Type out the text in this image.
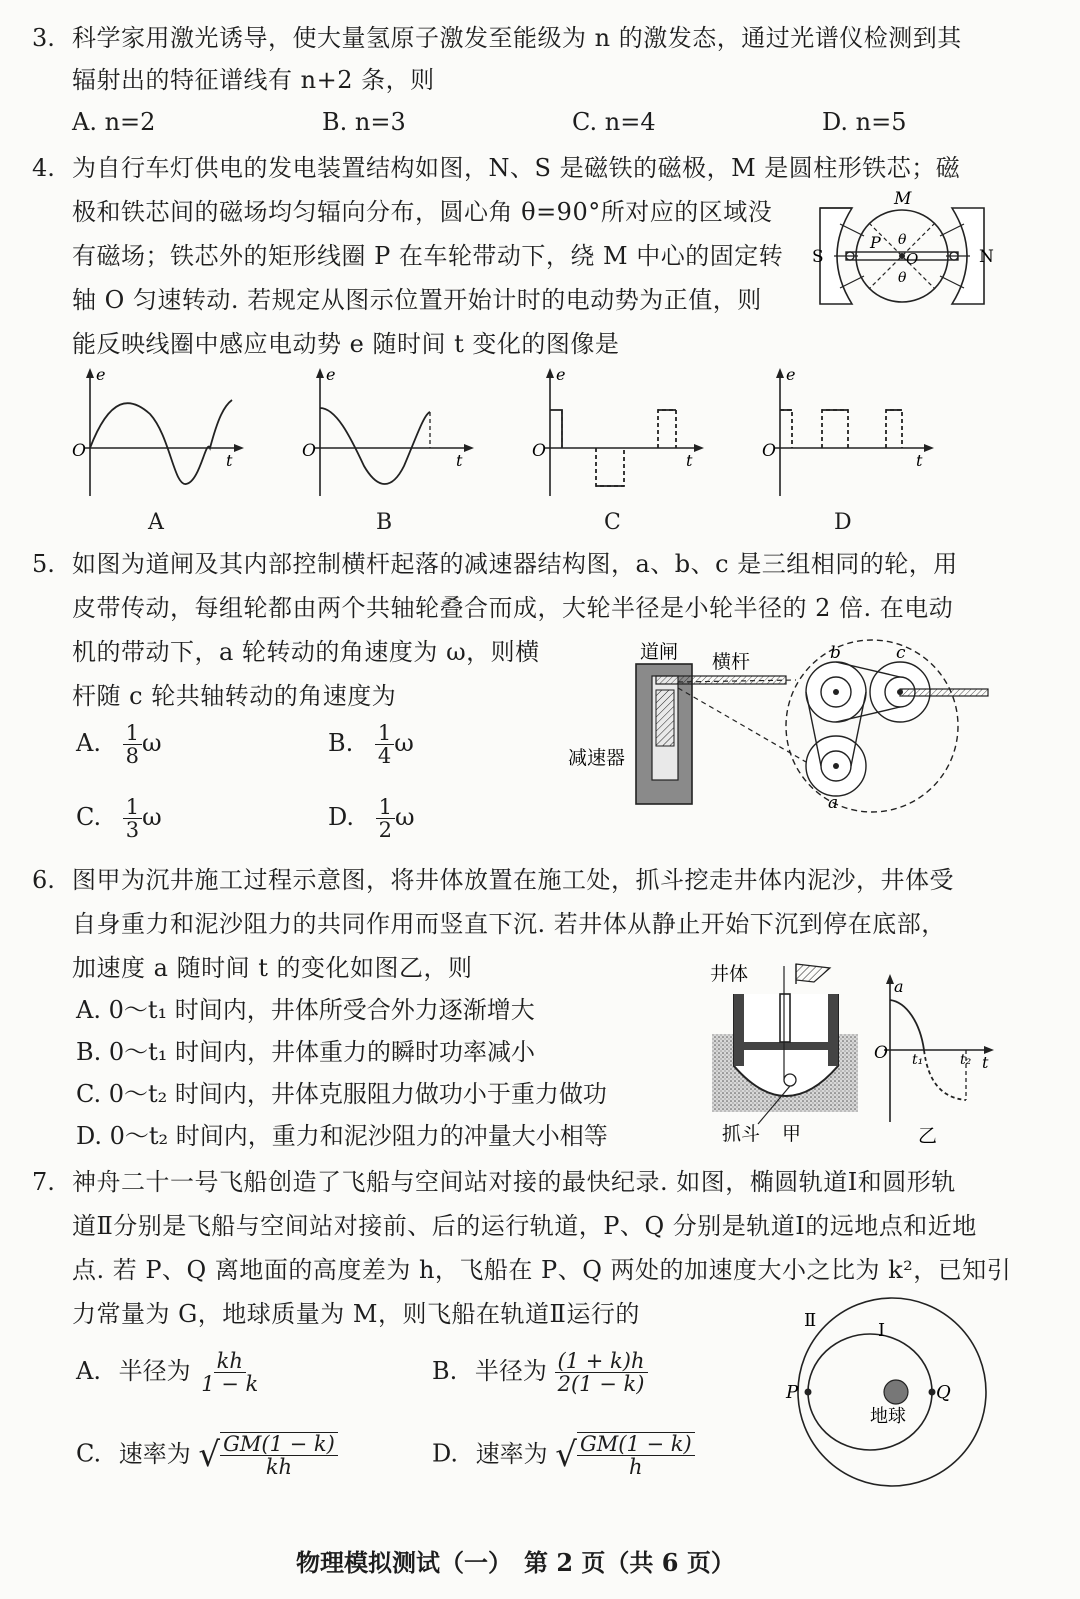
3. 科学家用激光诱导，使大量氢原子激发至能级为 n 的激发态，通过光谱仪检测到其
辐射出的特征谱线有 n+2 条，则
A. n=2	B. n=3	C. n=4	D. n=5
4. 为自行车灯供电的发电装置结构如图，N、S 是磁铁的磁极，M 是圆柱形铁芯；磁
极和铁芯间的磁场均匀辐向分布，圆心角 θ=90°所对应的区域没
有磁场；铁芯外的矩形线圈 P 在车轮带动下，绕 M 中心的固定转
轴 O 匀速转动. 若规定从图示位置开始计时的电动势为正值，则
能反映线圈中感应电动势 e 随时间 t 变化的图像是
M
S	N
P
O
θ
θ
e
O	t
e
O	t
e
O	t
e
O	t
A	B	C	D
5. 如图为道闸及其内部控制横杆起落的减速器结构图，a、b、c 是三组相同的轮，用
皮带传动，每组轮都由两个共轴轮叠合而成，大轮半径是小轮半径的 2 倍. 在电动
机的带动下，a 轮转动的角速度为 ω，则横
杆随 c 轮共轴转动的角速度为
A. $\frac{1}{8}$ ω	B. $\frac{1}{4}$ ω
C. $\frac{1}{3}$ ω	D. $\frac{1}{2}$ ω
道闸 横杆
减速器
b	c
a
6. 图甲为沉井施工过程示意图，将井体放置在施工处，抓斗挖走井体内泥沙，井体受
自身重力和泥沙阻力的共同作用而竖直下沉. 若井体从静止开始下沉到停在底部，
加速度 a 随时间 t 的变化如图乙，则
A. 0～t₁ 时间内，井体所受合外力逐渐增大
B. 0～t₁ 时间内，井体重力的瞬时功率减小
C. 0～t₂ 时间内，井体克服阻力做功小于重力做功
D. 0～t₂ 时间内，重力和泥沙阻力的冲量大小相等
井体
抓斗 甲
a
O t₁	t₂ t
乙
7. 神舟二十一号飞船创造了飞船与空间站对接的最快纪录. 如图，椭圆轨道Ⅰ和圆形轨
道Ⅱ分别是飞船与空间站对接前、后的运行轨道，P、Q 分别是轨道Ⅰ的远地点和近地
点. 若 P、Q 离地面的高度差为 h，飞船在 P、Q 两处的加速度大小之比为 k²，已知引
力常量为 G，地球质量为 M，则飞船在轨道Ⅱ运行的
A. 半径为 $\frac{kh}{1 - k}$	B. 半径为 $\frac{(1 + k)h}{2(1 - k)}$
C. 速率为 √ $\frac{GM(1 - k)}{kh}$	D. 速率为 √ $\frac{GM(1 - k)}{h}$
Ⅱ	Ⅰ
P	Q
地球
物理模拟测试（一）　第 2 页（共 6 页）
